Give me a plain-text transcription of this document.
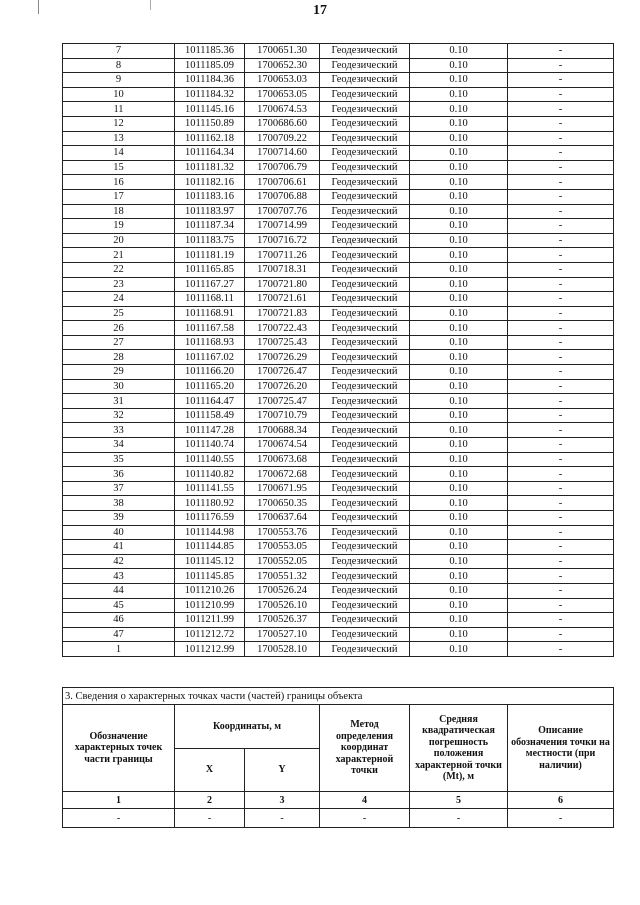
17
7	1011185.36	1700651.30	Геодезический	0.10	-
8	1011185.09	1700652.30	Геодезический	0.10	-
9	1011184.36	1700653.03	Геодезический	0.10	-
10	1011184.32	1700653.05	Геодезический	0.10	-
11	1011145.16	1700674.53	Геодезический	0.10	-
12	1011150.89	1700686.60	Геодезический	0.10	-
13	1011162.18	1700709.22	Геодезический	0.10	-
14	1011164.34	1700714.60	Геодезический	0.10	-
15	1011181.32	1700706.79	Геодезический	0.10	-
16	1011182.16	1700706.61	Геодезический	0.10	-
17	1011183.16	1700706.88	Геодезический	0.10	-
18	1011183.97	1700707.76	Геодезический	0.10	-
19	1011187.34	1700714.99	Геодезический	0.10	-
20	1011183.75	1700716.72	Геодезический	0.10	-
21	1011181.19	1700711.26	Геодезический	0.10	-
22	1011165.85	1700718.31	Геодезический	0.10	-
23	1011167.27	1700721.80	Геодезический	0.10	-
24	1011168.11	1700721.61	Геодезический	0.10	-
25	1011168.91	1700721.83	Геодезический	0.10	-
26	1011167.58	1700722.43	Геодезический	0.10	-
27	1011168.93	1700725.43	Геодезический	0.10	-
28	1011167.02	1700726.29	Геодезический	0.10	-
29	1011166.20	1700726.47	Геодезический	0.10	-
30	1011165.20	1700726.20	Геодезический	0.10	-
31	1011164.47	1700725.47	Геодезический	0.10	-
32	1011158.49	1700710.79	Геодезический	0.10	-
33	1011147.28	1700688.34	Геодезический	0.10	-
34	1011140.74	1700674.54	Геодезический	0.10	-
35	1011140.55	1700673.68	Геодезический	0.10	-
36	1011140.82	1700672.68	Геодезический	0.10	-
37	1011141.55	1700671.95	Геодезический	0.10	-
38	1011180.92	1700650.35	Геодезический	0.10	-
39	1011176.59	1700637.64	Геодезический	0.10	-
40	1011144.98	1700553.76	Геодезический	0.10	-
41	1011144.85	1700553.05	Геодезический	0.10	-
42	1011145.12	1700552.05	Геодезический	0.10	-
43	1011145.85	1700551.32	Геодезический	0.10	-
44	1011210.26	1700526.24	Геодезический	0.10	-
45	1011210.99	1700526.10	Геодезический	0.10	-
46	1011211.99	1700526.37	Геодезический	0.10	-
47	1011212.72	1700527.10	Геодезический	0.10	-
1	1011212.99	1700528.10	Геодезический	0.10	-
3. Сведения о характерных точках части (частей) границы объекта					
Обозначение характерных точек части границы	Координаты, м		Метод определения координат характерной точки	Средняя квадратическая погрешность положения характерной точки (Mt), м	Описание обозначения точки на местности (при наличии)
	X	Y			
1	2	3	4	5	6
-	-	-	-	-	-
